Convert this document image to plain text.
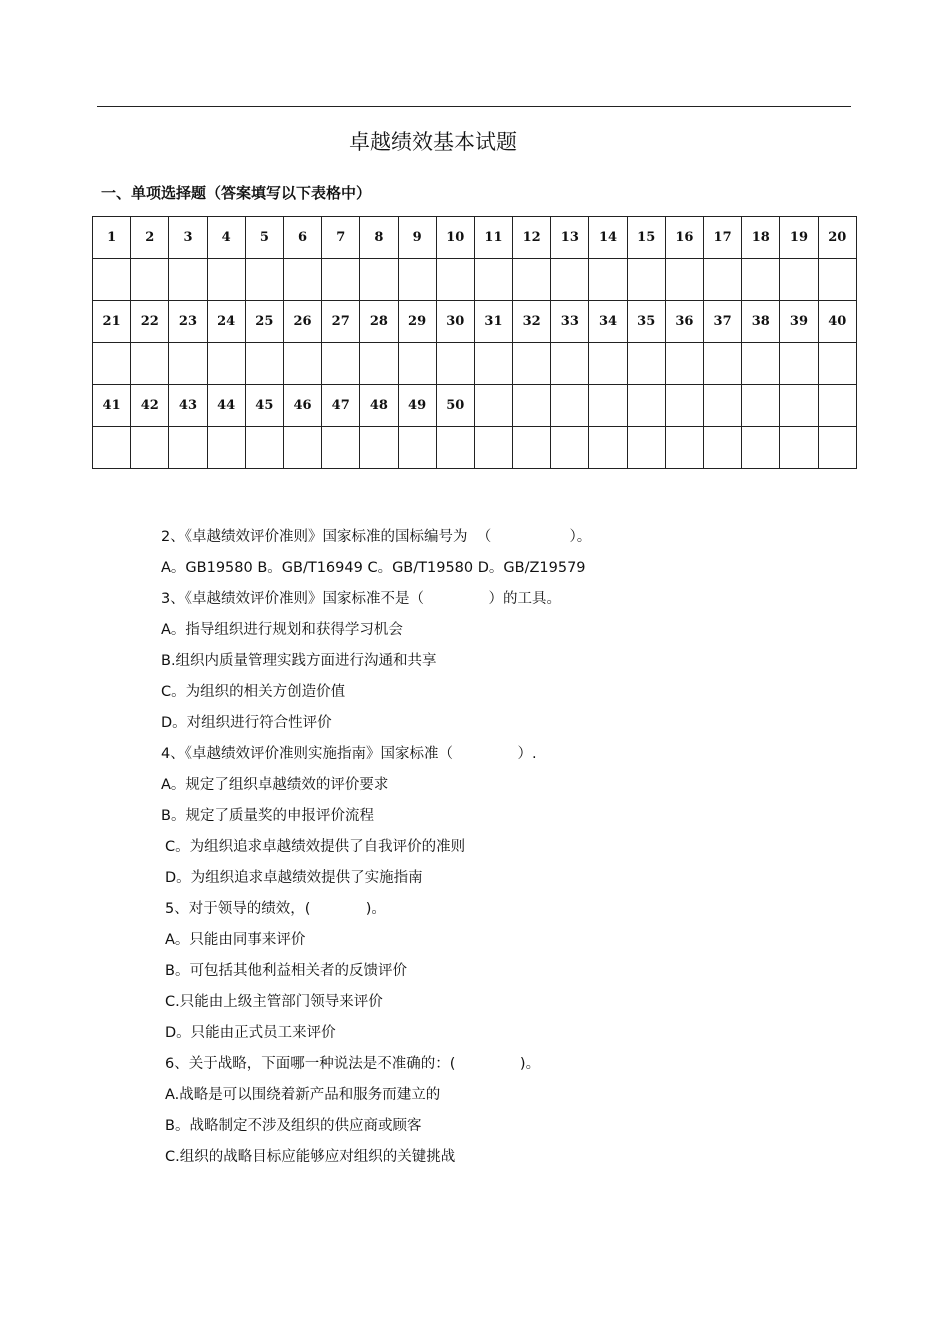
卓越绩效基本试题
一、单项选择题（答案填写以下表格中）
1	2	3	4	5	6	7	8	9	10	11	12	13	14	15	16	17	18	19	20

21	22	23	24	25	26	27	28	29	30	31	32	33	34	35	36	37	38	39	40

41	42	43	44	45	46	47	48	49	50										

2、《卓越绩效评价准则》国家标准的国标编号为  （                 ）。
A。GB19580 B。GB/T16949 C。GB/T19580 D。GB/Z19579
3、《卓越绩效评价准则》国家标准不是（              ）的工具。
A。指导组织进行规划和获得学习机会
B.组织内质量管理实践方面进行沟通和共享
C。为组织的相关方创造价值
D。对组织进行符合性评价
4、《卓越绩效评价准则实施指南》国家标准（              ）.
A。规定了组织卓越绩效的评价要求
B。规定了质量奖的申报评价流程
C。为组织追求卓越绩效提供了自我评价的准则
D。为组织追求卓越绩效提供了实施指南
5、对于领导的绩效，(            )。
A。只能由同事来评价
B。可包括其他利益相关者的反馈评价
C.只能由上级主管部门领导来评价
D。只能由正式员工来评价
6、关于战略，下面哪一种说法是不准确的：(              )。
A.战略是可以围绕着新产品和服务而建立的
B。战略制定不涉及组织的供应商或顾客
C.组织的战略目标应能够应对组织的关键挑战
